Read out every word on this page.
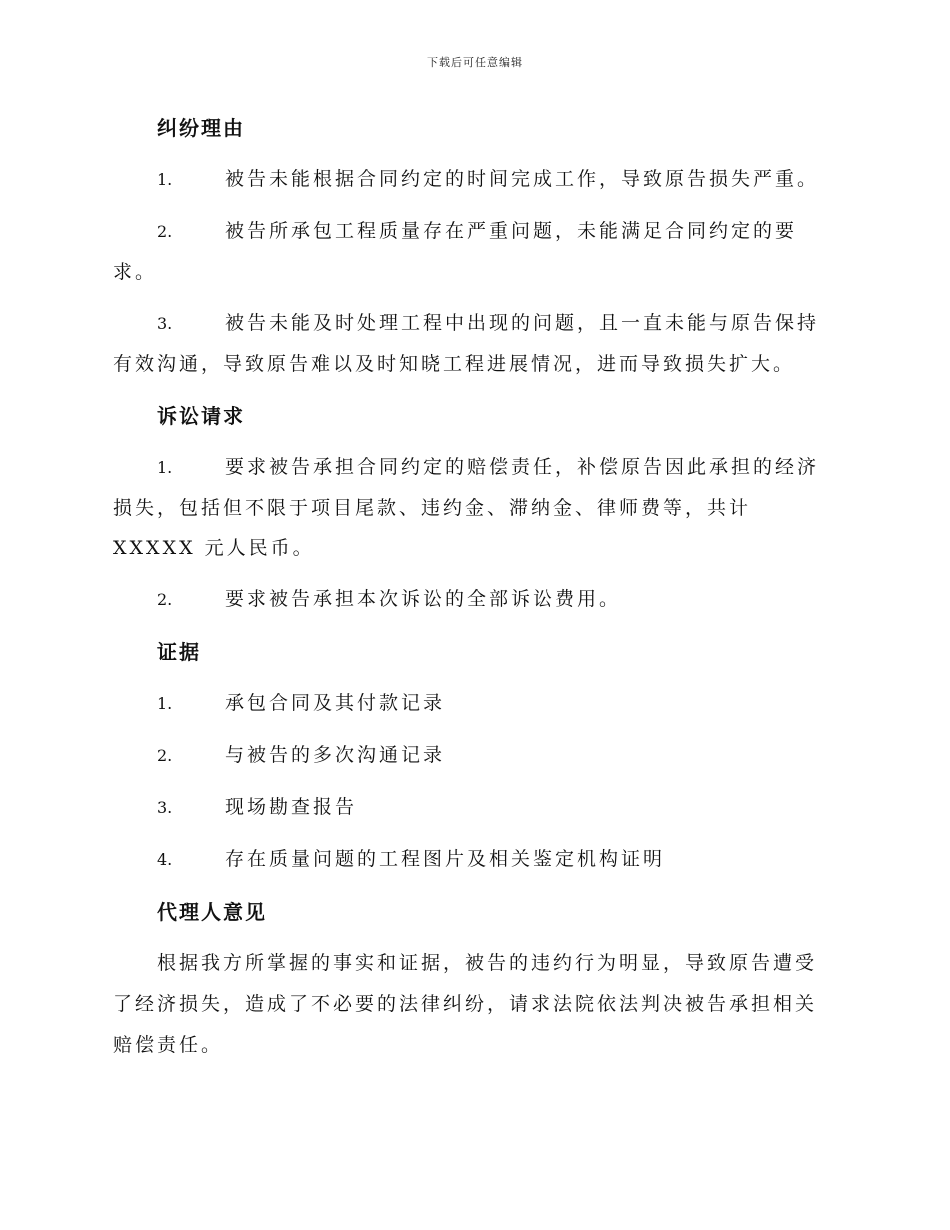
下载后可任意编辑
纠纷理由
1.	被告未能根据合同约定的时间完成工作，导致原告损失严重。
2.	被告所承包工程质量存在严重问题，未能满足合同约定的要求。
3.	被告未能及时处理工程中出现的问题，且一直未能与原告保持有效沟通，导致原告难以及时知晓工程进展情况，进而导致损失扩大。
诉讼请求
1.	要求被告承担合同约定的赔偿责任，补偿原告因此承担的经济损失，包括但不限于项目尾款、违约金、滞纳金、律师费等，共计 XXXXX 元人民币。
2.	要求被告承担本次诉讼的全部诉讼费用。
证据
1.	承包合同及其付款记录
2.	与被告的多次沟通记录
3.	现场勘查报告
4.	存在质量问题的工程图片及相关鉴定机构证明
代理人意见
根据我方所掌握的事实和证据，被告的违约行为明显，导致原告遭受了经济损失，造成了不必要的法律纠纷，请求法院依法判决被告承担相关赔偿责任。
